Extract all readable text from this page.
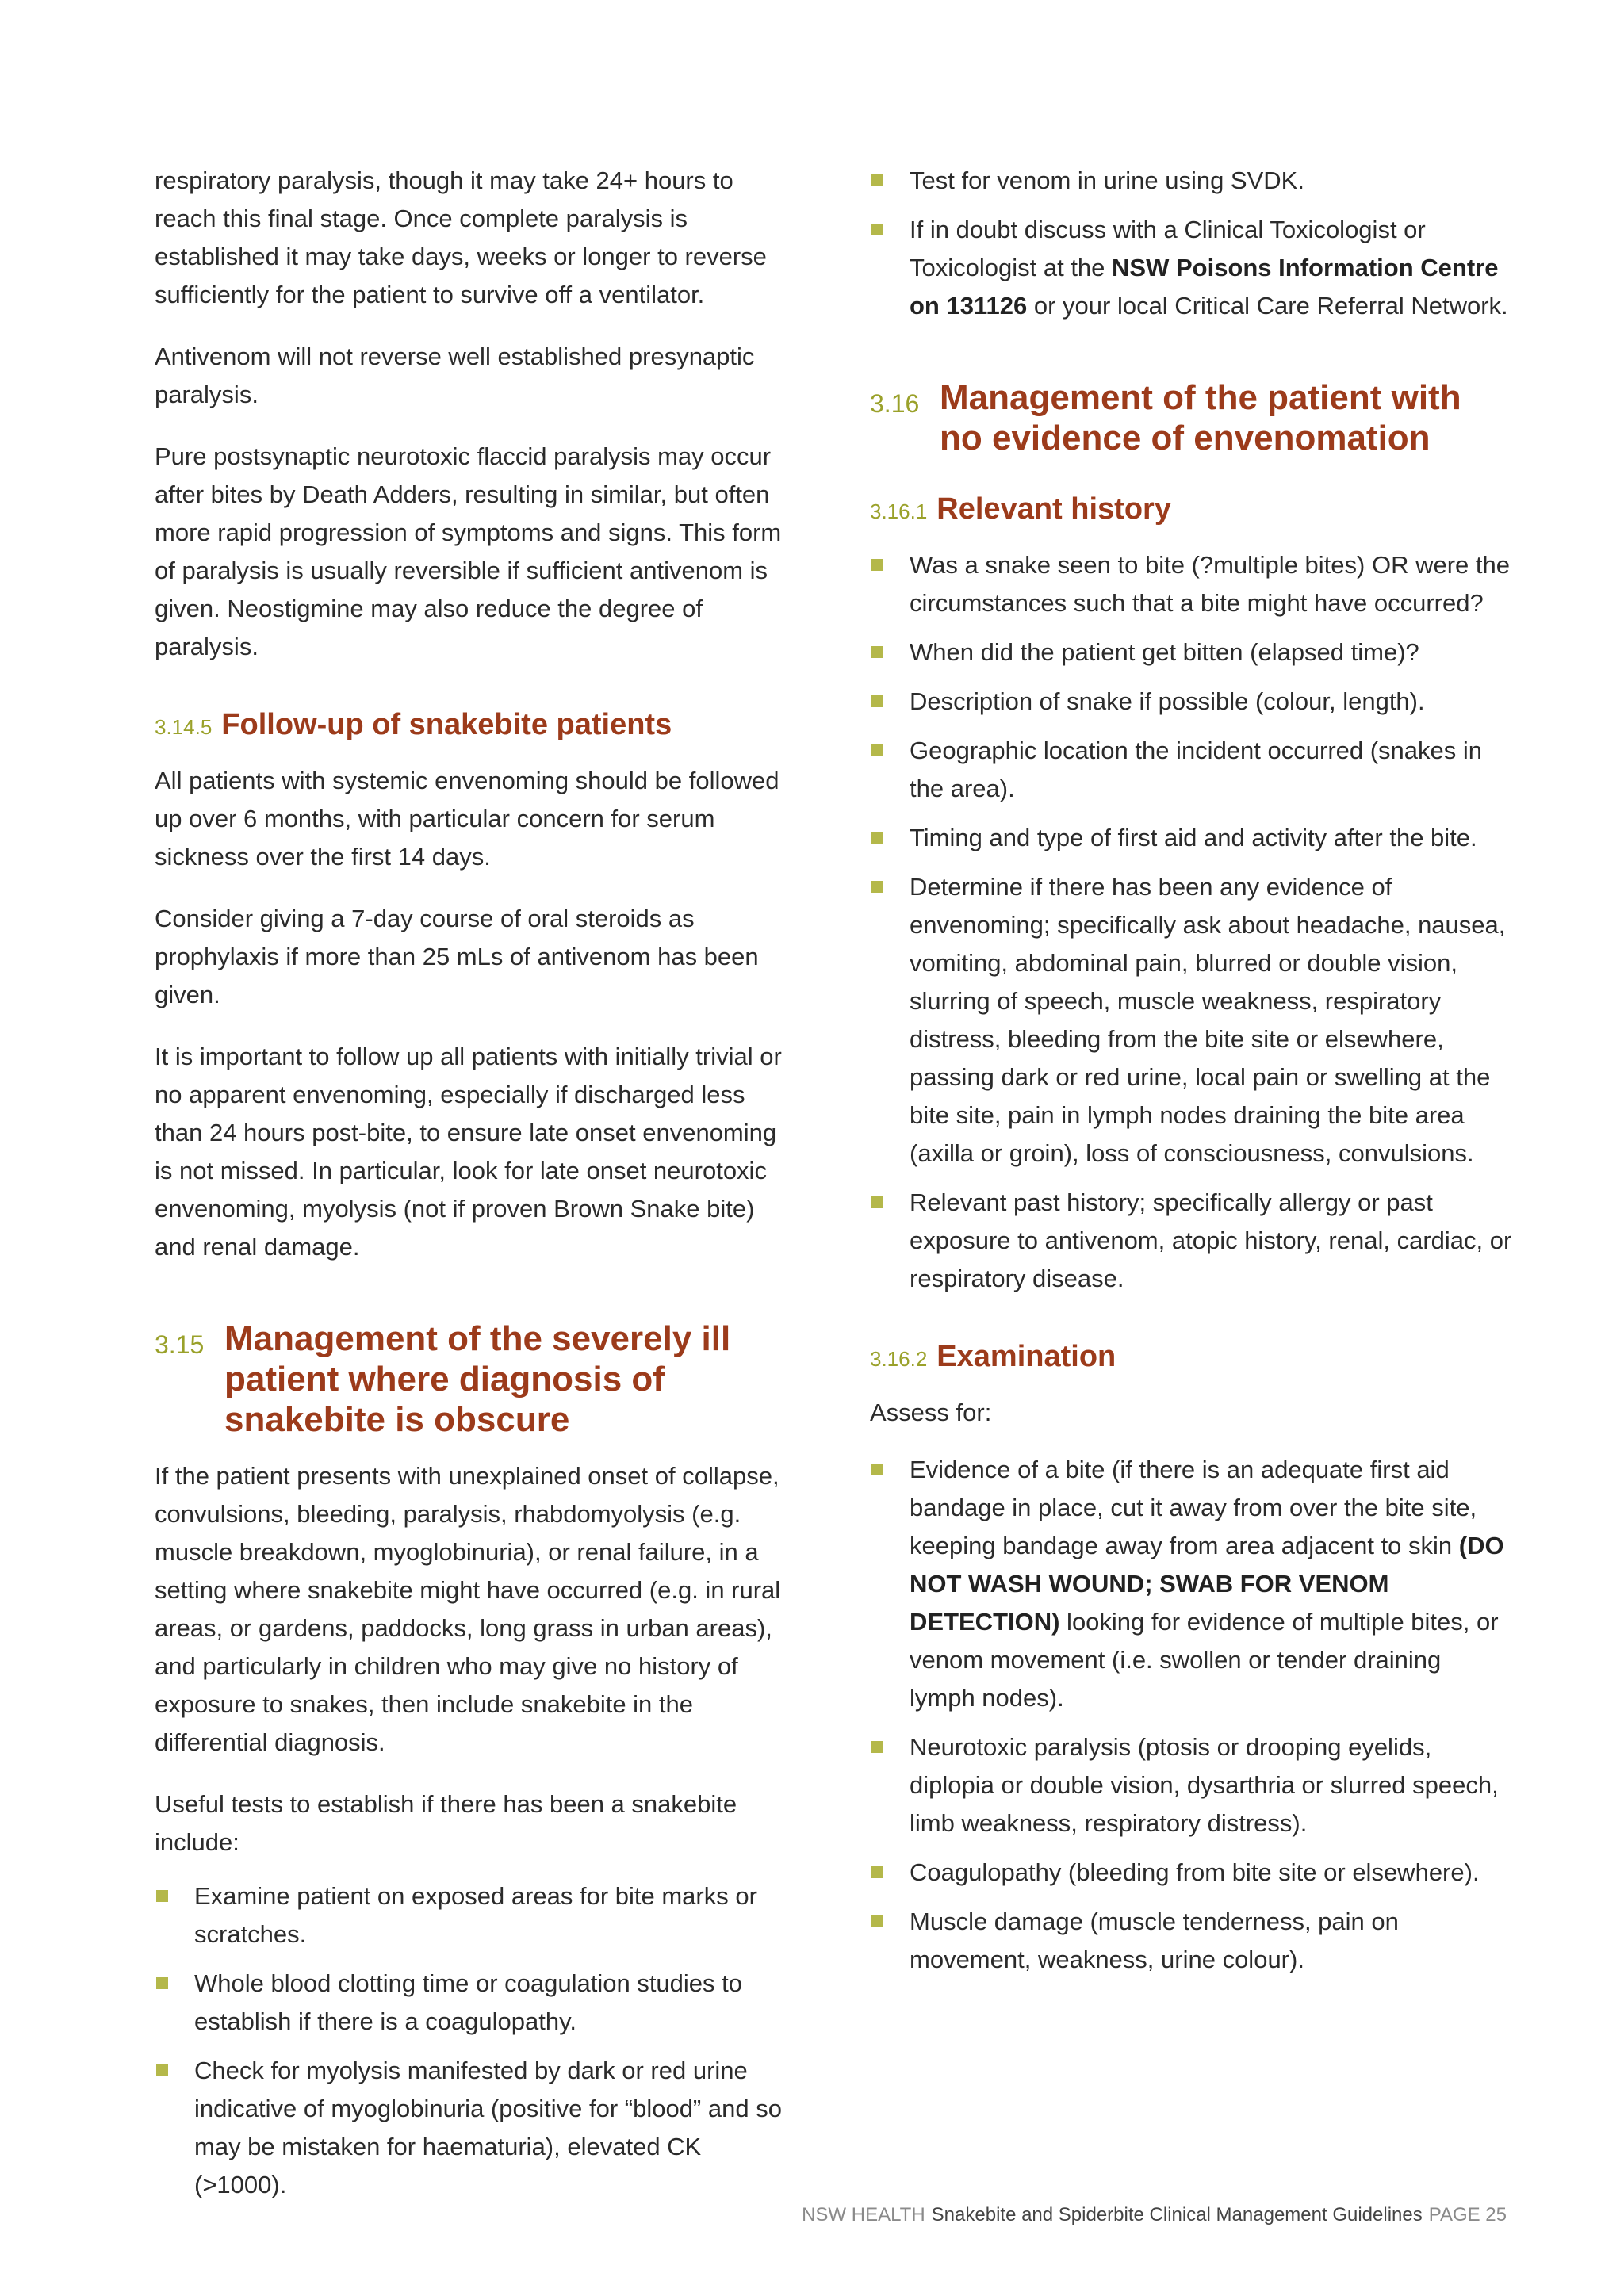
respiratory paralysis, though it may take 24+ hours to reach this final stage. Once complete paralysis is established it may take days, weeks or longer to reverse sufficiently for the patient to survive off a ventilator.

Antivenom will not reverse well established presynaptic paralysis.

Pure postsynaptic neurotoxic flaccid paralysis may occur after bites by Death Adders, resulting in similar, but often more rapid progression of symptoms and signs. This form of paralysis is usually reversible if sufficient antivenom is given. Neostigmine may also reduce the degree of paralysis.

3.14.5 Follow-up of snakebite patients

All patients with systemic envenoming should be followed up over 6 months, with particular concern for serum sickness over the first 14 days.

Consider giving a 7-day course of oral steroids as prophylaxis if more than 25 mLs of antivenom has been given.

It is important to follow up all patients with initially trivial or no apparent envenoming, especially if discharged less than 24 hours post-bite, to ensure late onset envenoming is not missed. In particular, look for late onset neurotoxic envenoming, myolysis (not if proven Brown Snake bite) and renal damage.

3.15 Management of the severely ill patient where diagnosis of snakebite is obscure

If the patient presents with unexplained onset of collapse, convulsions, bleeding, paralysis, rhabdomyolysis (e.g. muscle breakdown, myoglobinuria), or renal failure, in a setting where snakebite might have occurred (e.g. in rural areas, or gardens, paddocks, long grass in urban areas), and particularly in children who may give no history of exposure to snakes, then include snakebite in the differential diagnosis.

Useful tests to establish if there has been a snakebite include:

Examine patient on exposed areas for bite marks or scratches.
Whole blood clotting time or coagulation studies to establish if there is a coagulopathy.
Check for myolysis manifested by dark or red urine indicative of myoglobinuria (positive for “blood” and so may be mistaken for haematuria), elevated CK (>1000).
Test for venom in urine using SVDK.
If in doubt discuss with a Clinical Toxicologist or Toxicologist at the NSW Poisons Information Centre on 131126 or your local Critical Care Referral Network.
3.16 Management of the patient with no evidence of envenomation
3.16.1 Relevant history
Was a snake seen to bite (?multiple bites) OR were the circumstances such that a bite might have occurred?
When did the patient get bitten (elapsed time)?
Description of snake if possible (colour, length).
Geographic location the incident occurred (snakes in the area).
Timing and type of first aid and activity after the bite.
Determine if there has been any evidence of envenoming; specifically ask about headache, nausea, vomiting, abdominal pain, blurred or double vision, slurring of speech, muscle weakness, respiratory distress, bleeding from the bite site or elsewhere, passing dark or red urine, local pain or swelling at the bite site, pain in lymph nodes draining the bite area (axilla or groin), loss of consciousness, convulsions.
Relevant past history; specifically allergy or past exposure to antivenom, atopic history, renal, cardiac, or respiratory disease.
3.16.2 Examination

Assess for:

Evidence of a bite (if there is an adequate first aid bandage in place, cut it away from over the bite site, keeping bandage away from area adjacent to skin (DO NOT WASH WOUND; SWAB FOR VENOM DETECTION) looking for evidence of multiple bites, or venom movement (i.e. swollen or tender draining lymph nodes).
Neurotoxic paralysis (ptosis or drooping eyelids, diplopia or double vision, dysarthria or slurred speech, limb weakness, respiratory distress).
Coagulopathy (bleeding from bite site or elsewhere).
Muscle damage (muscle tenderness, pain on movement, weakness, urine colour).
NSW HEALTH Snakebite and Spiderbite Clinical Management Guidelines PAGE 25
